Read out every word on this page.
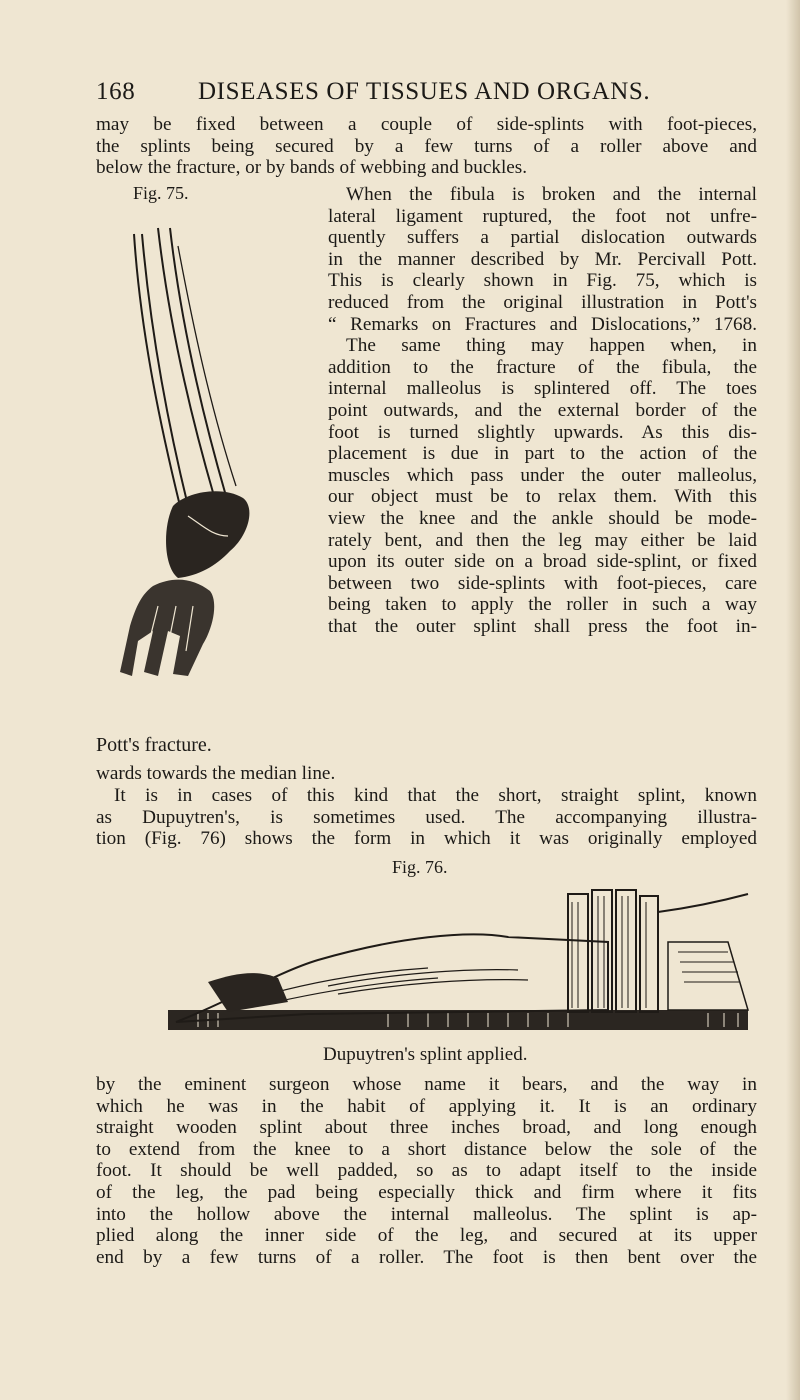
168	DISEASES OF TISSUES AND ORGANS.
may be fixed between a couple of side-splints with foot-pieces,
the splints being secured by a few turns of a roller above and
below the fracture, or by bands of webbing and buckles.
Fig. 75.	When the fibula is broken and the internal
lateral ligament ruptured, the foot not unfre-
quently suffers a partial dislocation outwards
in the manner described by Mr. Percivall Pott.
This is clearly shown in Fig. 75, which is
reduced from the original illustration in Pott's
“ Remarks on Fractures and Dislocations,” 1768.
The same thing may happen when, in
addition to the fracture of the fibula, the
internal malleolus is splintered off. The toes
point outwards, and the external border of the
foot is turned slightly upwards. As this dis-
placement is due in part to the action of the
muscles which pass under the outer malleolus,
our object must be to relax them. With this
view the knee and the ankle should be mode-
rately bent, and then the leg may either be laid
upon its outer side on a broad side-splint, or fixed
between two side-splints with foot-pieces, care
being taken to apply the roller in such a way
that the outer splint shall press the foot in-
Pott's fracture.
wards towards the median line.
It is in cases of this kind that the short, straight splint, known
as Dupuytren's, is sometimes used. The accompanying illustra-
tion (Fig. 76) shows the form in which it was originally employed
Fig. 76.
Dupuytren's splint applied.
by the eminent surgeon whose name it bears, and the way in
which he was in the habit of applying it. It is an ordinary
straight wooden splint about three inches broad, and long enough
to extend from the knee to a short distance below the sole of the
foot. It should be well padded, so as to adapt itself to the inside
of the leg, the pad being especially thick and firm where it fits
into the hollow above the internal malleolus. The splint is ap-
plied along the inner side of the leg, and secured at its upper
end by a few turns of a roller. The foot is then bent over the
